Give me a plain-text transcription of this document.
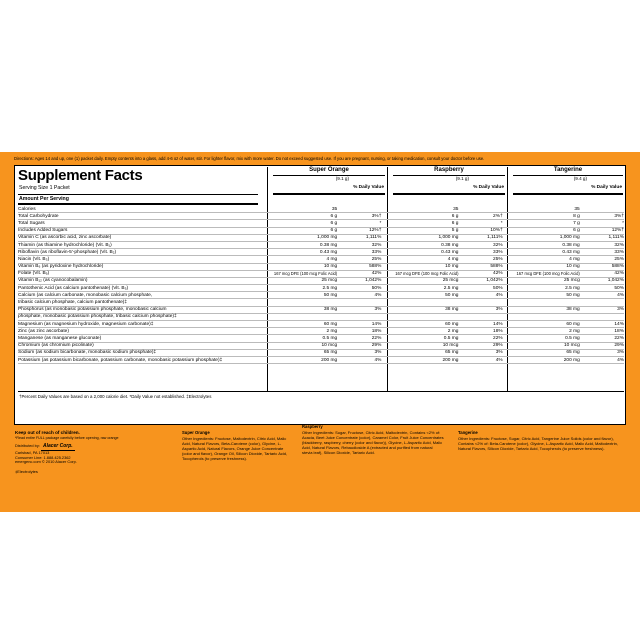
Directions: Ages 14 and up, one (1) packet daily. Empty contents into a glass, add 4-6 oz of water, stir. For lighter flavor, mix with more water. Do not exceed suggested use. If you are pregnant, nursing, or taking medication, consult your doctor before use.
Supplement Facts
Serving Size 1 Packet
Amount Per Serving
Super Orange
(9.1 g)
% Daily Value
Raspberry
(9.1 g)
% Daily Value
Tangerine
(9.4 g)
% Daily Value
Calories	35			35			35	
Total Carbohydrate	6 g	3%†		6 g	2%†		8 g	3%†
Total Sugars	6 g	*		6 g	*		7 g	*
Includes Added Sugars	6 g	12%†		5 g	10%†		6 g	12%†
Vitamin C (as ascorbic acid, zinc ascorbate)	1,000 mg	1,111%		1,000 mg	1,111%		1,000 mg	1,111%
Thiamin (as thiamine hydrochloride) (Vit. B₁)	0.38 mg	32%		0.38 mg	32%		0.38 mg	32%
Riboflavin (as riboflavin-5'-phosphate) (Vit. B₂)	0.43 mg	33%		0.43 mg	33%		0.43 mg	33%
Niacin (Vit. B₃)	4 mg	25%		4 mg	25%		4 mg	25%
Vitamin B₆ (as pyridoxine hydrochloride)	10 mg	588%		10 mg	588%		10 mg	588%
Folate (Vit. B₉)	167 mcg DFE (100 mcg Folic Acid)	42%		167 mcg DFE (100 mcg Folic Acid)	42%		167 mcg DFE (100 mcg Folic Acid)	42%
Vitamin B₁₂ (as cyanocobalamin)	25 mcg	1,042%		25 mcg	1,042%		25 mcg	1,042%
Pantothenic Acid (as calcium pantothenate) (Vit. B₅)	2.5 mg	50%		2.5 mg	50%		2.5 mg	50%
Calcium (as calcium carbonate, monobasic calcium phosphate,	50 mg	4%		50 mg	4%		50 mg	4%
tribasic calcium phosphate, calcium pantothenate)‡								
Phosphorus (as monobasic potassium phosphate, monobasic calcium	38 mg	3%		38 mg	3%		38 mg	3%
phosphate, monobasic potassium phosphate, tribasic calcium phosphate)‡								
Magnesium (as magnesium hydroxide, magnesium carbonate)‡	60 mg	14%		60 mg	14%		60 mg	14%
Zinc (as zinc ascorbate)	2 mg	18%		2 mg	18%		2 mg	18%
Manganese (as manganese gluconate)	0.5 mg	22%		0.5 mg	22%		0.5 mg	22%
Chromium (as chromium picolinate)	10 mcg	29%		10 mcg	29%		10 mcg	29%
Sodium (as sodium bicarbonate, monobasic sodium phosphate)‡	65 mg	3%		65 mg	3%		65 mg	3%
Potassium (as potassium bicarbonate, potassium carbonate, monobasic potassium phosphate)‡	200 mg	4%		200 mg	4%		200 mg	4%
†Percent Daily Values are based on a 2,000 calorie diet. *Daily Value not established. ‡Electrolytes
Keep out of reach of children.
*Read entire FULL package carefully before opening, raw orange
Distributed by: Alacer Corp.
Carlsbad, PA 17013
Consumer Line: 1.888.425.2362
emergenc.com © 2010 Alacer Corp.
‡Electrolytes
Super Orange
Other Ingredients: Fructose, Maltodextrin, Citric Acid, Malic Acid, Natural Flavors, Beta-Carotene (color), Glycine, L-Aspartic Acid, Natural Flavors, Orange Juice Concentrate (color and flavor), Orange Oil, Silicon Dioxide, Tartaric Acid, Tocopherols (to preserve freshness).
Raspberry
Other Ingredients: Sugar, Fructose, Citric Acid, Maltodextrin, Contains <2% of: Acacia, Beet Juice Concentrate (color), Caramel Color, Fruit Juice Concentrates (blackberry, raspberry, cherry (color and flavor)), Glycine, L-Aspartic Acid, Malic Acid, Natural Flavors, Rebaudioside A (extracted and purified from natural stevia leaf), Silicon Dioxide, Tartaric Acid.
Tangerine
Other Ingredients: Fructose, Sugar, Citric Acid, Tangerine Juice Solids (color and flavor), Contains <2% of: Beta-Carotene (color), Glycine, L-Aspartic Acid, Malic Acid, Maltodextrin, Natural Flavors, Silicon Dioxide, Tartaric Acid, Tocopherols (to preserve freshness).
